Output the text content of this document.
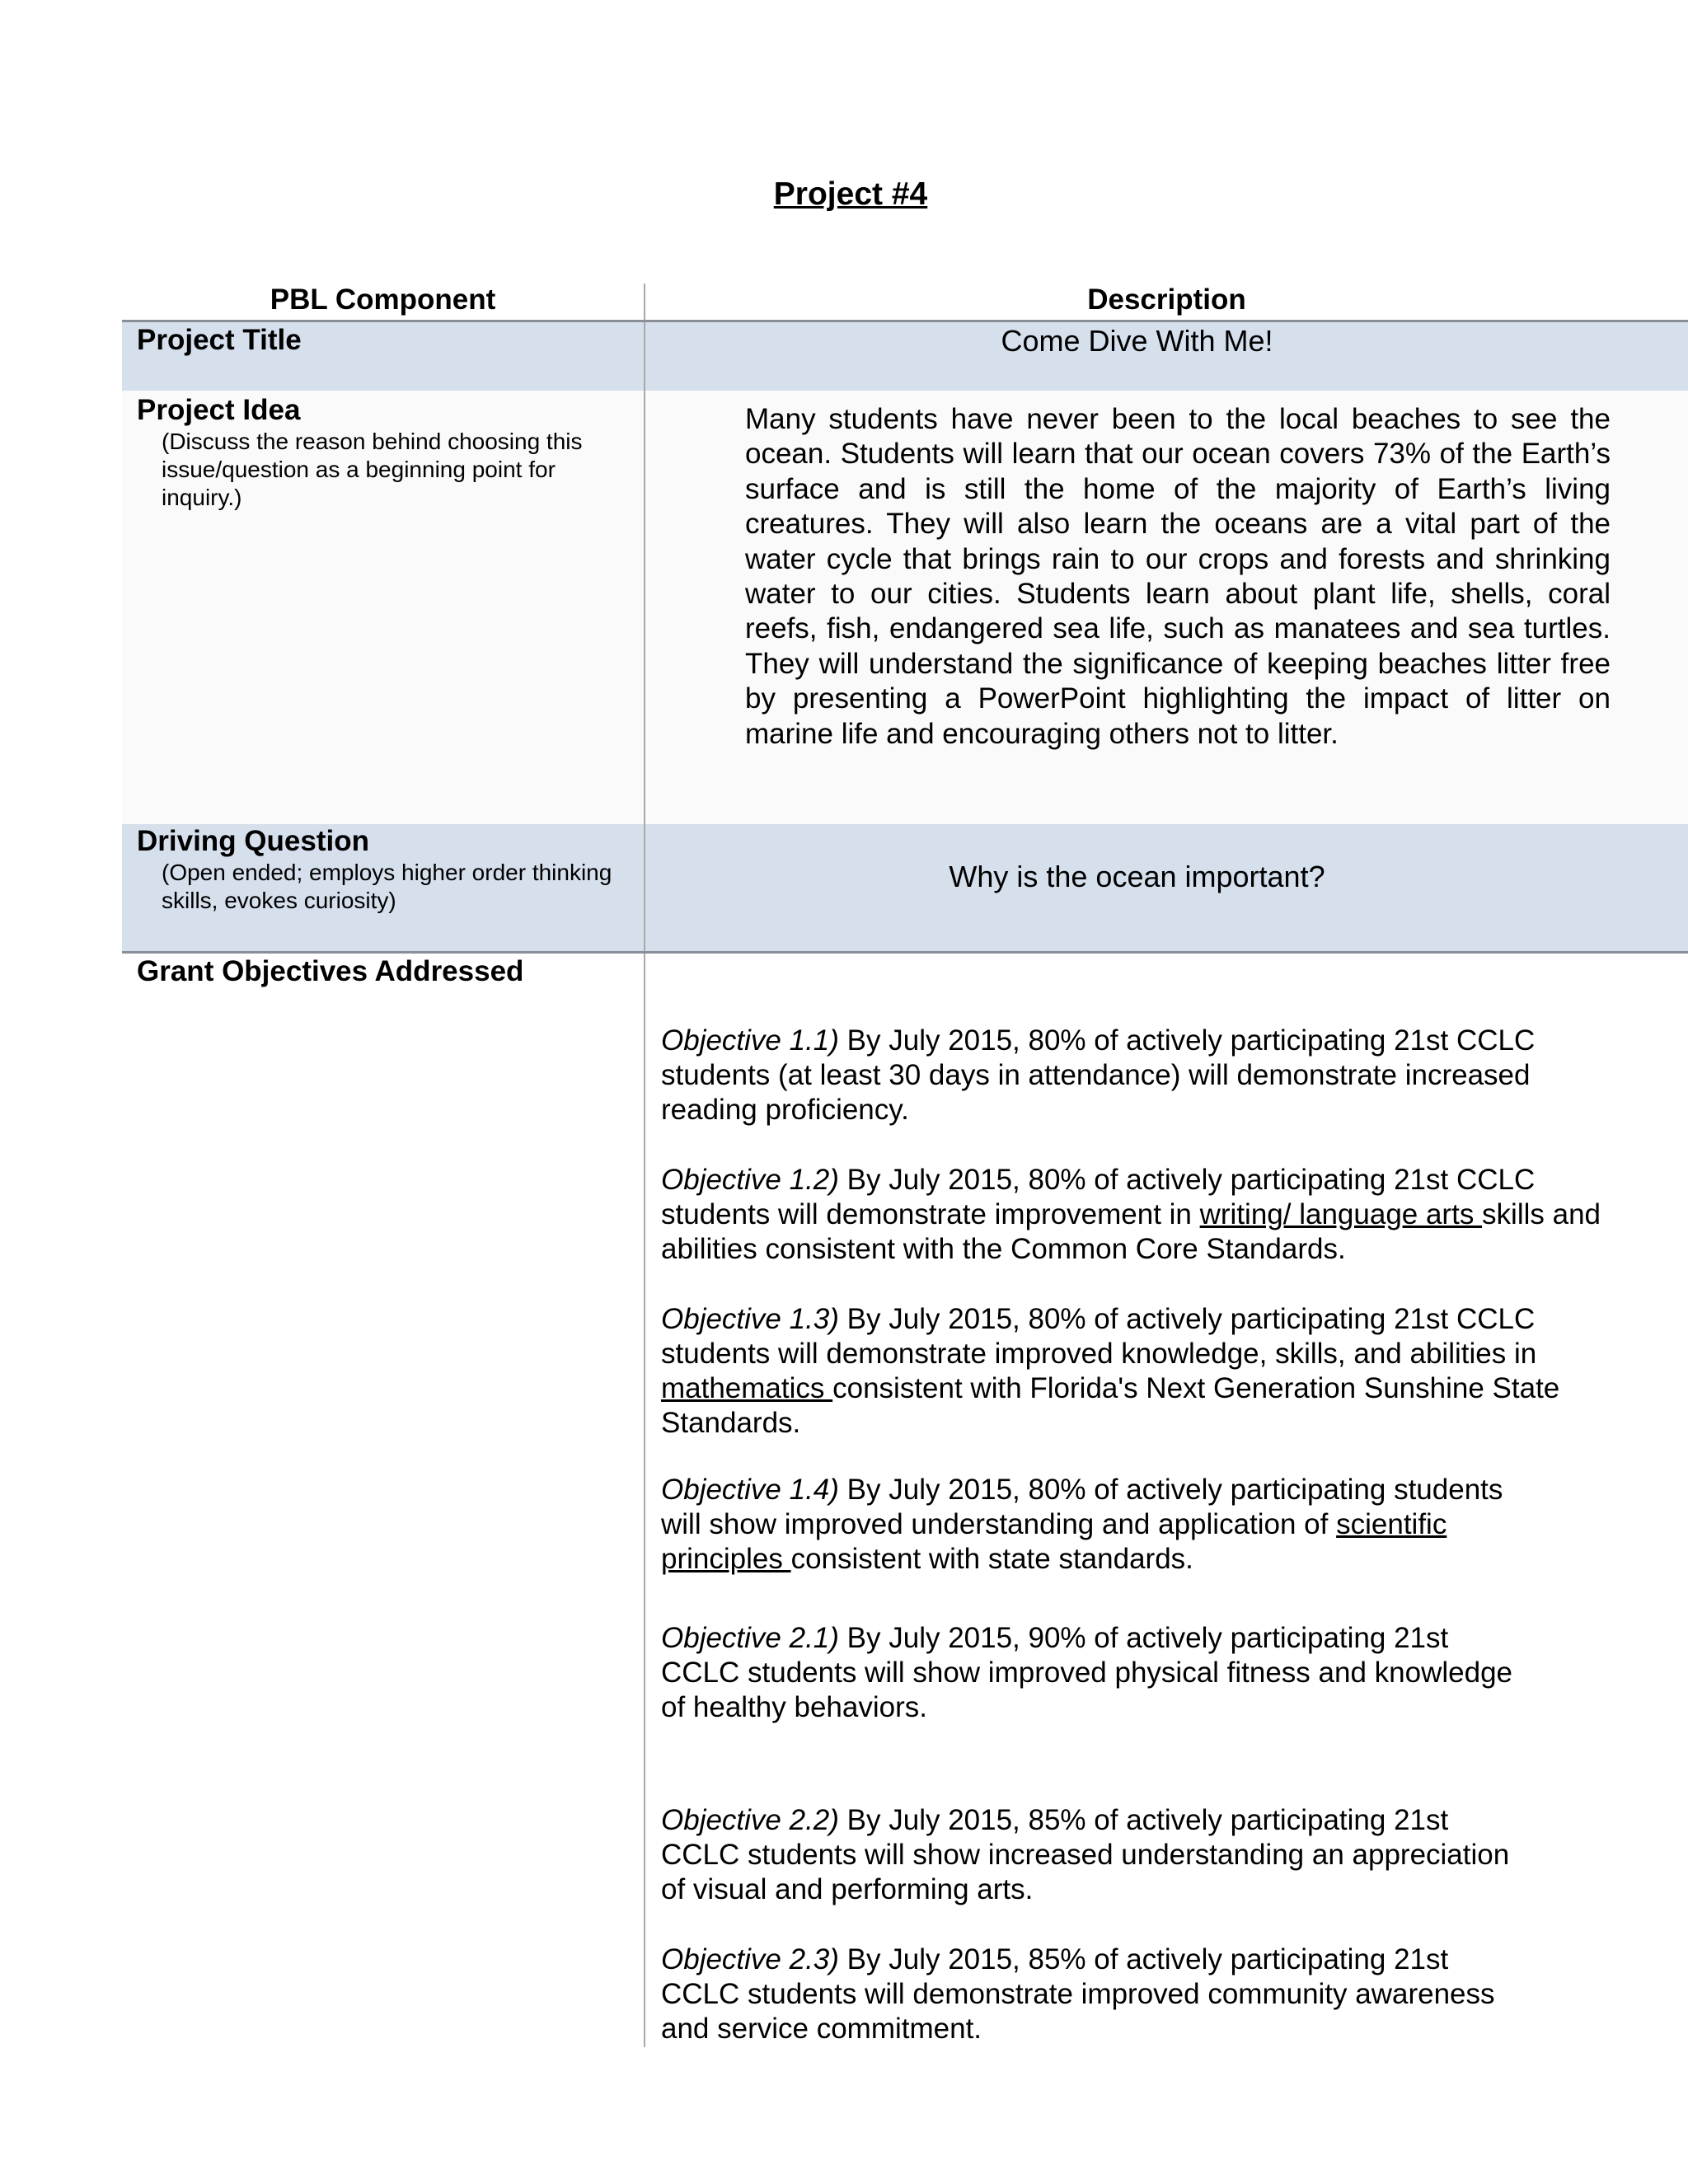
Project #4
PBL Component	Description
Project Title	Come Dive With Me!
Project Idea
(Discuss the reason behind choosing this issue/question as a beginning point for inquiry.)
Many students have never been to the local beaches to see the ocean. Students will learn that our ocean covers 73% of the Earth’s surface and is still the home of the majority of Earth’s living creatures. They will also learn the oceans are a vital part of the water cycle that brings rain to our crops and forests and shrinking water to our cities. Students learn about plant life, shells, coral reefs, fish, endangered sea life, such as manatees and sea turtles. They will understand the significance of keeping beaches litter free by presenting a PowerPoint highlighting the impact of litter on marine life and encouraging others not to litter.
Driving Question
(Open ended; employs higher order thinking skills, evokes curiosity)
Why is the ocean important?
Grant Objectives Addressed
Objective 1.1) By July 2015, 80% of actively participating 21st CCLC students (at least 30 days in attendance) will demonstrate increased reading proficiency.
Objective 1.2) By July 2015, 80% of actively participating 21st CCLC students will demonstrate improvement in writing/ language arts skills and abilities consistent with the Common Core Standards.
Objective 1.3) By July 2015, 80% of actively participating 21st CCLC students will demonstrate improved knowledge, skills, and abilities in mathematics consistent with Florida's Next Generation Sunshine State Standards.
Objective 1.4) By July 2015, 80% of actively participating students will show improved understanding and application of scientific principles consistent with state standards.
Objective 2.1) By July 2015, 90% of actively participating 21st CCLC students will show improved physical fitness and knowledge of healthy behaviors.
Objective 2.2) By July 2015, 85% of actively participating 21st CCLC students will show increased understanding an appreciation of visual and performing arts.
Objective 2.3) By July 2015, 85% of actively participating 21st CCLC students will demonstrate improved community awareness and service commitment.
